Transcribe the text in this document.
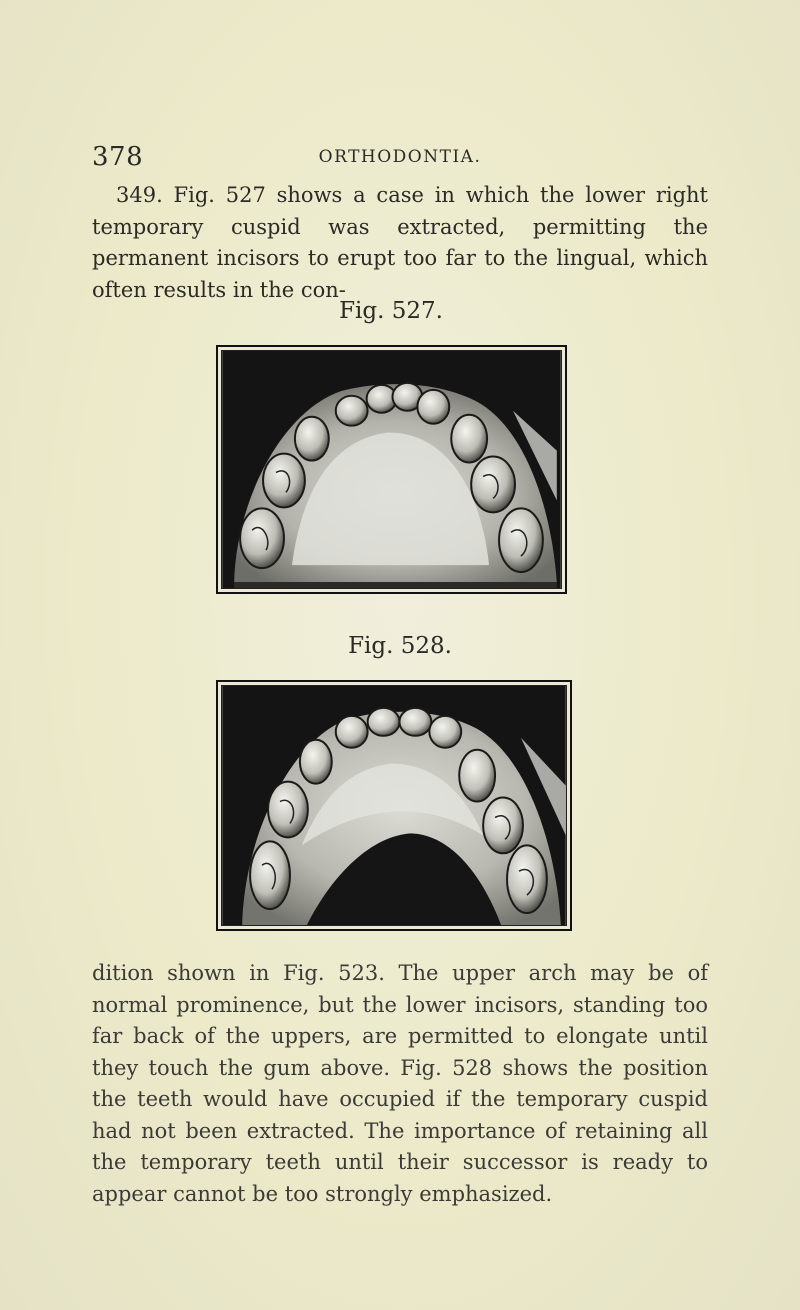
378	ORTHODONTIA.

349. Fig. 527 shows a case in which the lower right temporary cuspid was extracted, permitting the permanent incisors to erupt too far to the lingual, which often results in the con-

Fig. 527.
Fig. 528.

dition shown in Fig. 523. The upper arch may be of normal prominence, but the lower incisors, standing too far back of the uppers, are permitted to elongate until they touch the gum above. Fig. 528 shows the position the teeth would have occupied if the temporary cuspid had not been extracted. The importance of retaining all the temporary teeth until their successor is ready to appear cannot be too strongly emphasized.
